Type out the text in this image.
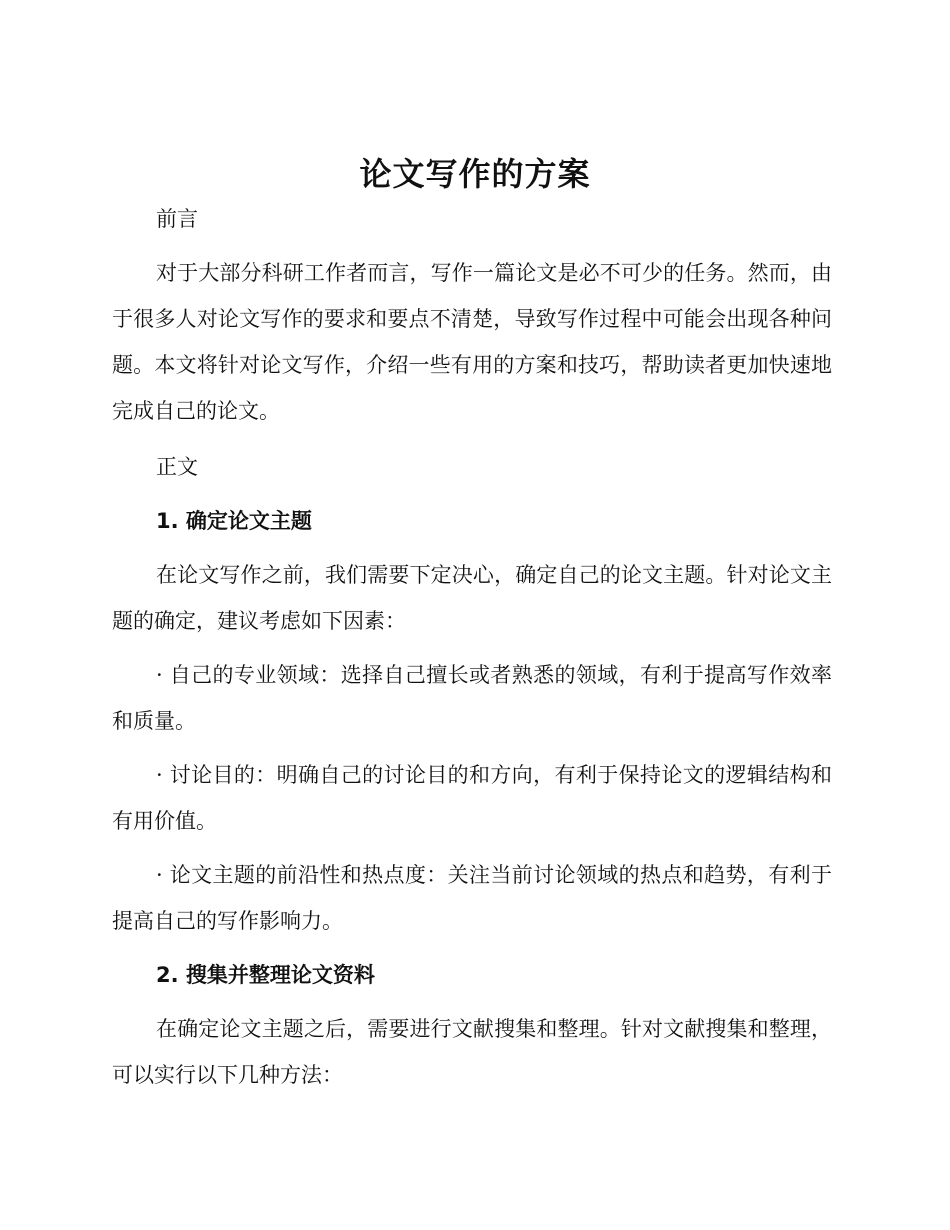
论文写作的方案

前言

对于大部分科研工作者而言，写作一篇论文是必不可少的任务。然而，由于很多人对论文写作的要求和要点不清楚，导致写作过程中可能会出现各种问题。本文将针对论文写作，介绍一些有用的方案和技巧，帮助读者更加快速地完成自己的论文。

正文

1. 确定论文主题

在论文写作之前，我们需要下定决心，确定自己的论文主题。针对论文主题的确定，建议考虑如下因素：

· 自己的专业领域：选择自己擅长或者熟悉的领域，有利于提高写作效率和质量。

· 讨论目的：明确自己的讨论目的和方向，有利于保持论文的逻辑结构和有用价值。

· 论文主题的前沿性和热点度：关注当前讨论领域的热点和趋势，有利于提高自己的写作影响力。

2. 搜集并整理论文资料

在确定论文主题之后，需要进行文献搜集和整理。针对文献搜集和整理，可以实行以下几种方法：
